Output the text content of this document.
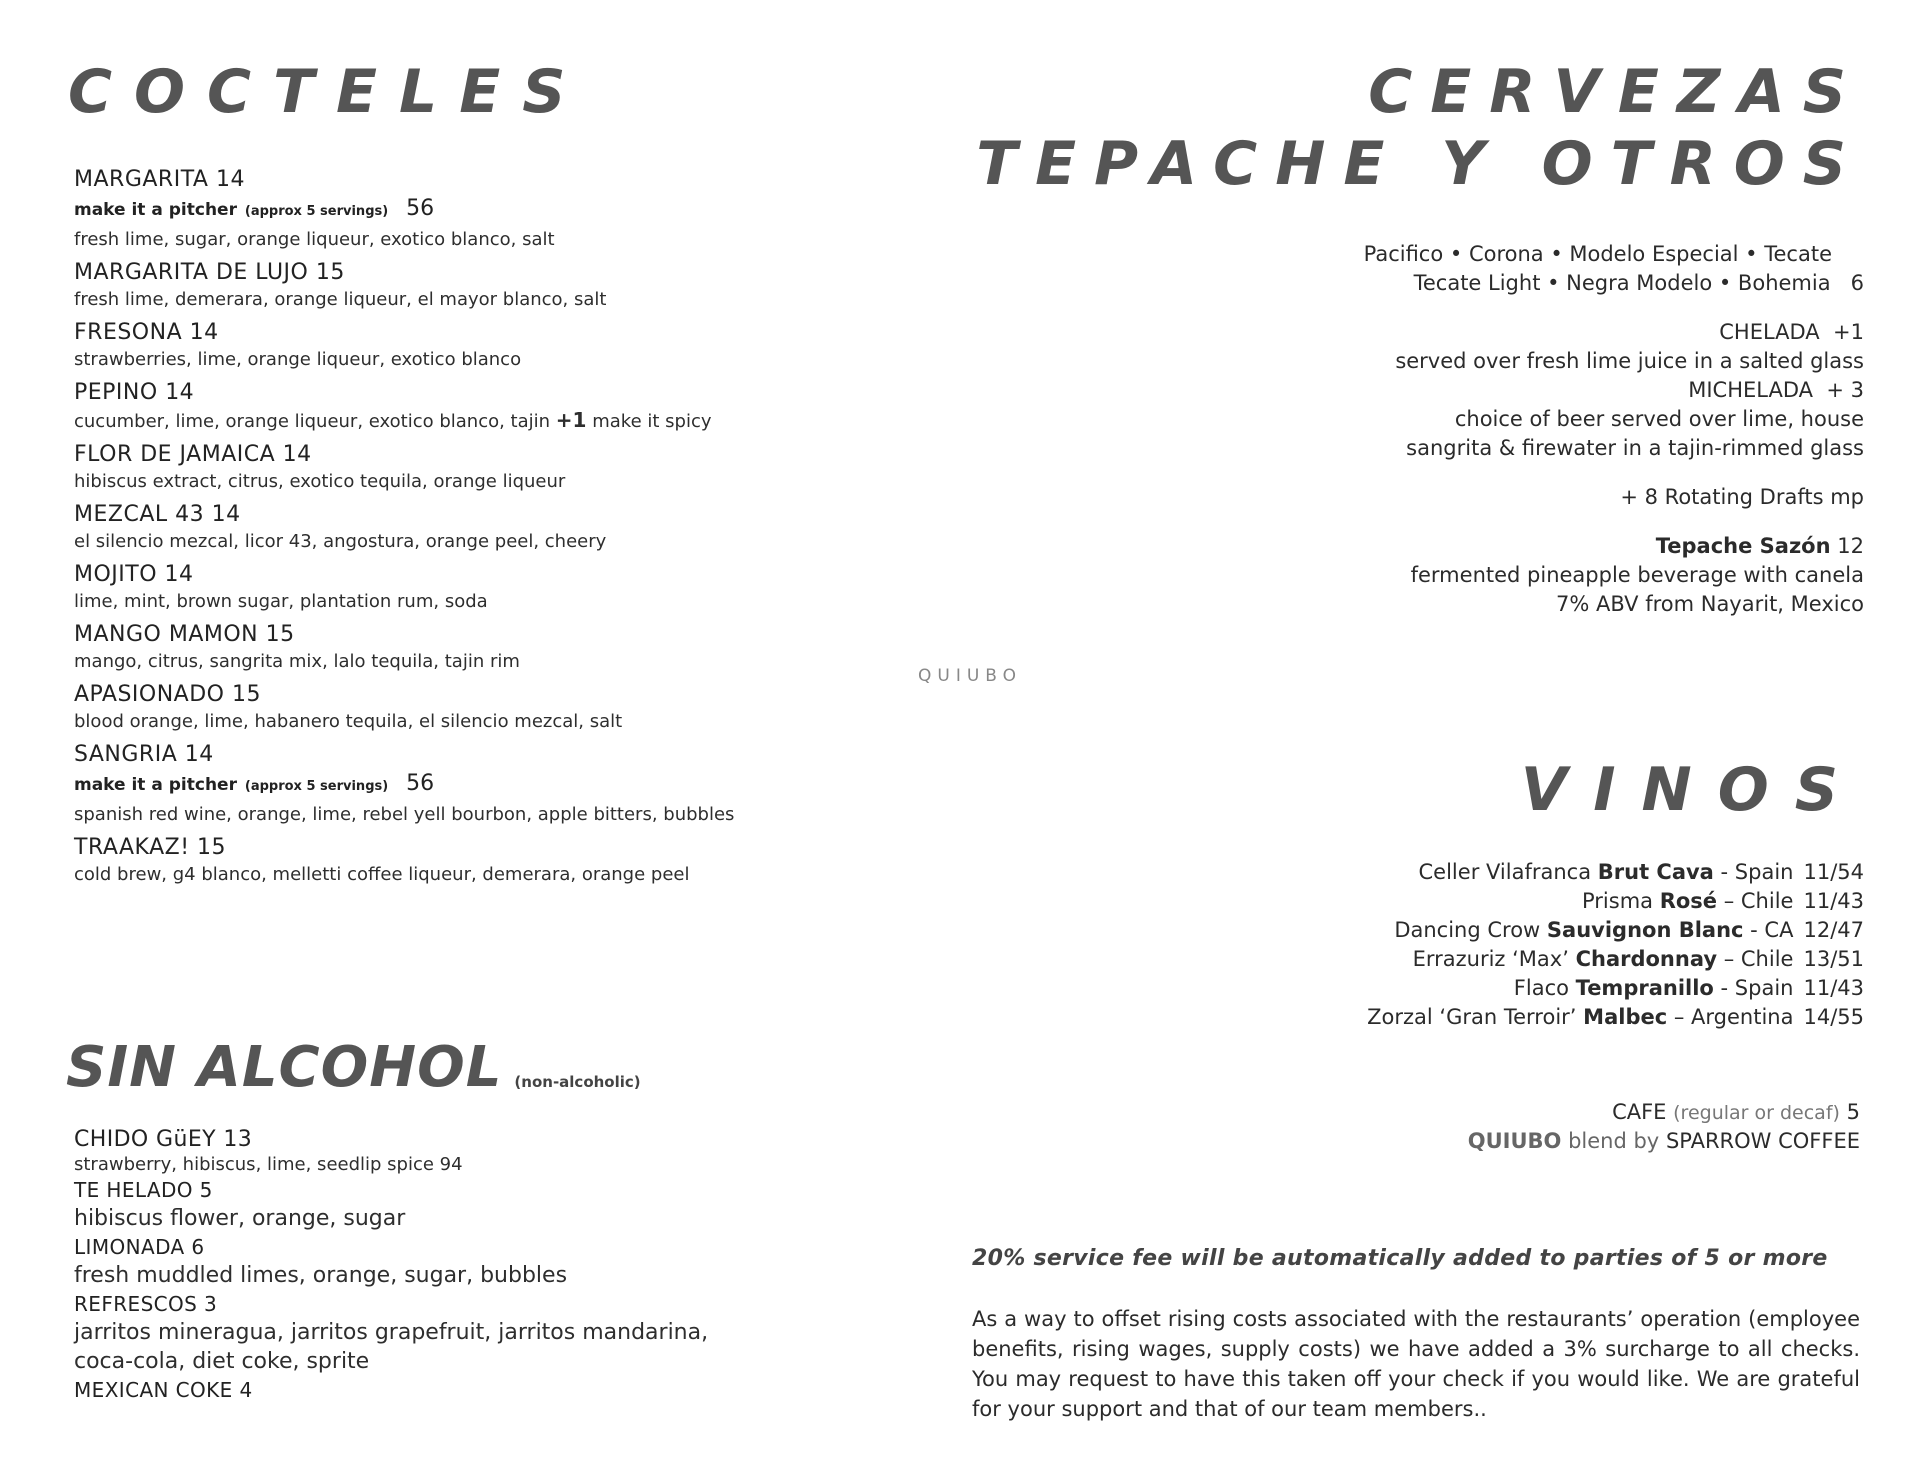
COCTELES	CERVEZAS
TEPACHE Y OTROS
VINOS
SIN ALCOHOL (non-alcoholic)
QUIUBO
MARGARITA 14
make it a pitcher (approx 5 servings) 56
fresh lime, sugar, orange liqueur, exotico blanco, salt
MARGARITA DE LUJO 15
fresh lime, demerara, orange liqueur, el mayor blanco, salt
FRESONA 14
strawberries, lime, orange liqueur, exotico blanco
PEPINO 14
cucumber, lime, orange liqueur, exotico blanco, tajin +1 make it spicy
FLOR DE JAMAICA 14
hibiscus extract, citrus, exotico tequila, orange liqueur
MEZCAL 43 14
el silencio mezcal, licor 43, angostura, orange peel, cheery
MOJITO 14
lime, mint, brown sugar, plantation rum, soda
MANGO MAMON 15
mango, citrus, sangrita mix, lalo tequila, tajin rim
APASIONADO 15
blood orange, lime, habanero tequila, el silencio mezcal, salt
SANGRIA 14
make it a pitcher (approx 5 servings) 56
spanish red wine, orange, lime, rebel yell bourbon, apple bitters, bubbles
TRAAKAZ! 15
cold brew, g4 blanco, melletti coffee liqueur, demerara, orange peel
CHIDO GüEY 13
strawberry, hibiscus, lime, seedlip spice 94
TE HELADO 5
hibiscus flower, orange, sugar
LIMONADA 6
fresh muddled limes, orange, sugar, bubbles
REFRESCOS 3
jarritos mineragua, jarritos grapefruit, jarritos mandarina,
coca-cola, diet coke, sprite
MEXICAN COKE 4
Pacifico • Corona • Modelo Especial • Tecate
Tecate Light • Negra Modelo • Bohemia 6
CHELADA +1
served over fresh lime juice in a salted glass
MICHELADA + 3
choice of beer served over lime, house
sangrita & firewater in a tajin-rimmed glass
+ 8 Rotating Drafts mp
Tepache Sazón 12
fermented pineapple beverage with canela
7% ABV from Nayarit, Mexico
Celler Vilafranca Brut Cava - Spain 11/54
Prisma Rosé – Chile 11/43
Dancing Crow Sauvignon Blanc - CA 12/47
Errazuriz ‘Max’ Chardonnay – Chile 13/51
Flaco Tempranillo - Spain 11/43
Zorzal ‘Gran Terroir’ Malbec – Argentina 14/55
CAFE (regular or decaf) 5
QUIUBO blend by SPARROW COFFEE
20% service fee will be automatically added to parties of 5 or more
As a way to offset rising costs associated with the restaurants’ operation (employee benefits, rising wages, supply costs) we have added a 3% surcharge to all checks. You may request to have this taken off your check if you would like. We are grateful for your support and that of our team members..
